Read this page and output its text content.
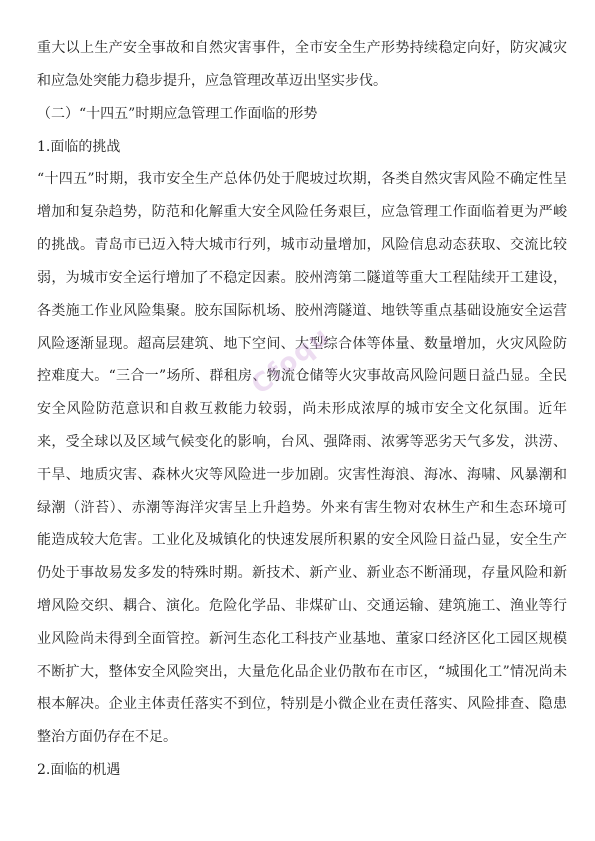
重大以上生产安全事故和自然灾害事件，全市安全生产形势持续稳定向好，防灾减灾
和应急处突能力稳步提升，应急管理改革迈出坚实步伐。
（二）“十四五”时期应急管理工作面临的形势
1.面临的挑战
“十四五”时期，我市安全生产总体仍处于爬坡过坎期，各类自然灾害风险不确定性呈
增加和复杂趋势，防范和化解重大安全风险任务艰巨，应急管理工作面临着更为严峻
的挑战。青岛市已迈入特大城市行列，城市动量增加，风险信息动态获取、交流比较
弱，为城市安全运行增加了不稳定因素。胶州湾第二隧道等重大工程陆续开工建设，
各类施工作业风险集聚。胶东国际机场、胶州湾隧道、地铁等重点基础设施安全运营
风险逐渐显现。超高层建筑、地下空间、大型综合体等体量、数量增加，火灾风险防
控难度大。“三合一”场所、群租房、物流仓储等火灾事故高风险问题日益凸显。全民
安全风险防范意识和自救互救能力较弱，尚未形成浓厚的城市安全文化氛围。近年
来，受全球以及区域气候变化的影响，台风、强降雨、浓雾等恶劣天气多发，洪涝、
干旱、地质灾害、森林火灾等风险进一步加剧。灾害性海浪、海冰、海啸、风暴潮和
绿潮（浒苔）、赤潮等海洋灾害呈上升趋势。外来有害生物对农林生产和生态环境可
能造成较大危害。工业化及城镇化的快速发展所积累的安全风险日益凸显，安全生产
仍处于事故易发多发的特殊时期。新技术、新产业、新业态不断涌现，存量风险和新
增风险交织、耦合、演化。危险化学品、非煤矿山、交通运输、建筑施工、渔业等行
业风险尚未得到全面管控。新河生态化工科技产业基地、董家口经济区化工园区规模
不断扩大，整体安全风险突出，大量危化品企业仍散布在市区，“城围化工”情况尚未
根本解决。企业主体责任落实不到位，特别是小微企业在责任落实、风险排查、隐患
整治方面仍存在不足。
2.面临的机遇
Cfoqu
